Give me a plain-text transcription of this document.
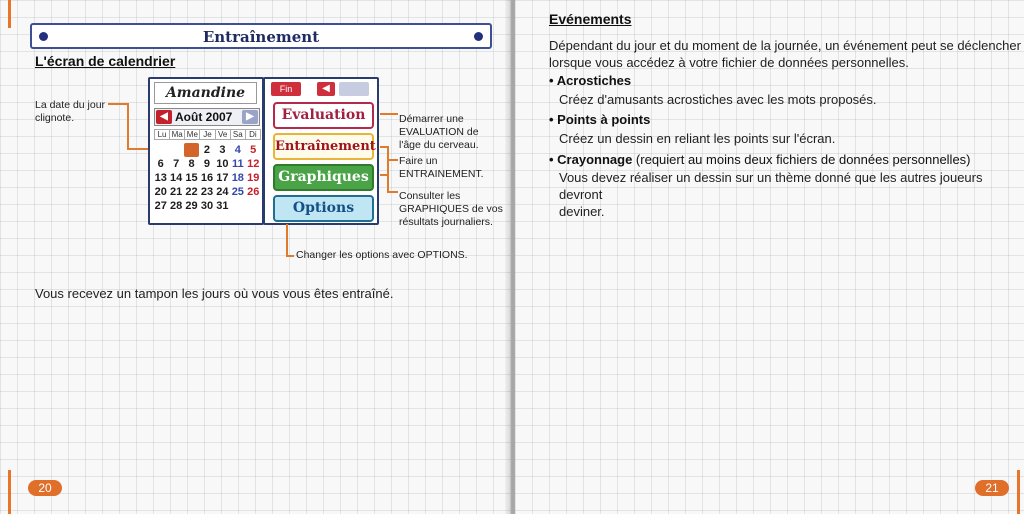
Entraînement
L'écran de calendrier
La date du jour
clignote.
Amandine
◀ Août 2007	▶
Lu Ma Me Je Ve Sa Di
1 2 3 4 5
6 7 8 9 10 11 12
13 14 15 16 17 18 19
20 21 22 23 24 25 26
27 28 29 30 31
Fin	◀
Evaluation
Entraînement
Graphiques
Options
Démarrer une
EVALUATION de
l'âge du cerveau.
Faire un
ENTRAINEMENT.
Consulter les
GRAPHIQUES de vos
résultats journaliers.
Changer les options avec OPTIONS.
Vous recevez un tampon les jours où vous vous êtes entraîné.
20
Evénements
Dépendant du jour et du moment de la journée, un événement peut se déclencher
lorsque vous accédez à votre fichier de données personnelles.
• Acrostiches
Créez d'amusants acrostiches avec les mots proposés.
• Points à points
Créez un dessin en reliant les points sur l'écran.
• Crayonnage (requiert au moins deux fichiers de données personnelles)
Vous devez réaliser un dessin sur un thème donné que les autres joueurs devront
deviner.
21
